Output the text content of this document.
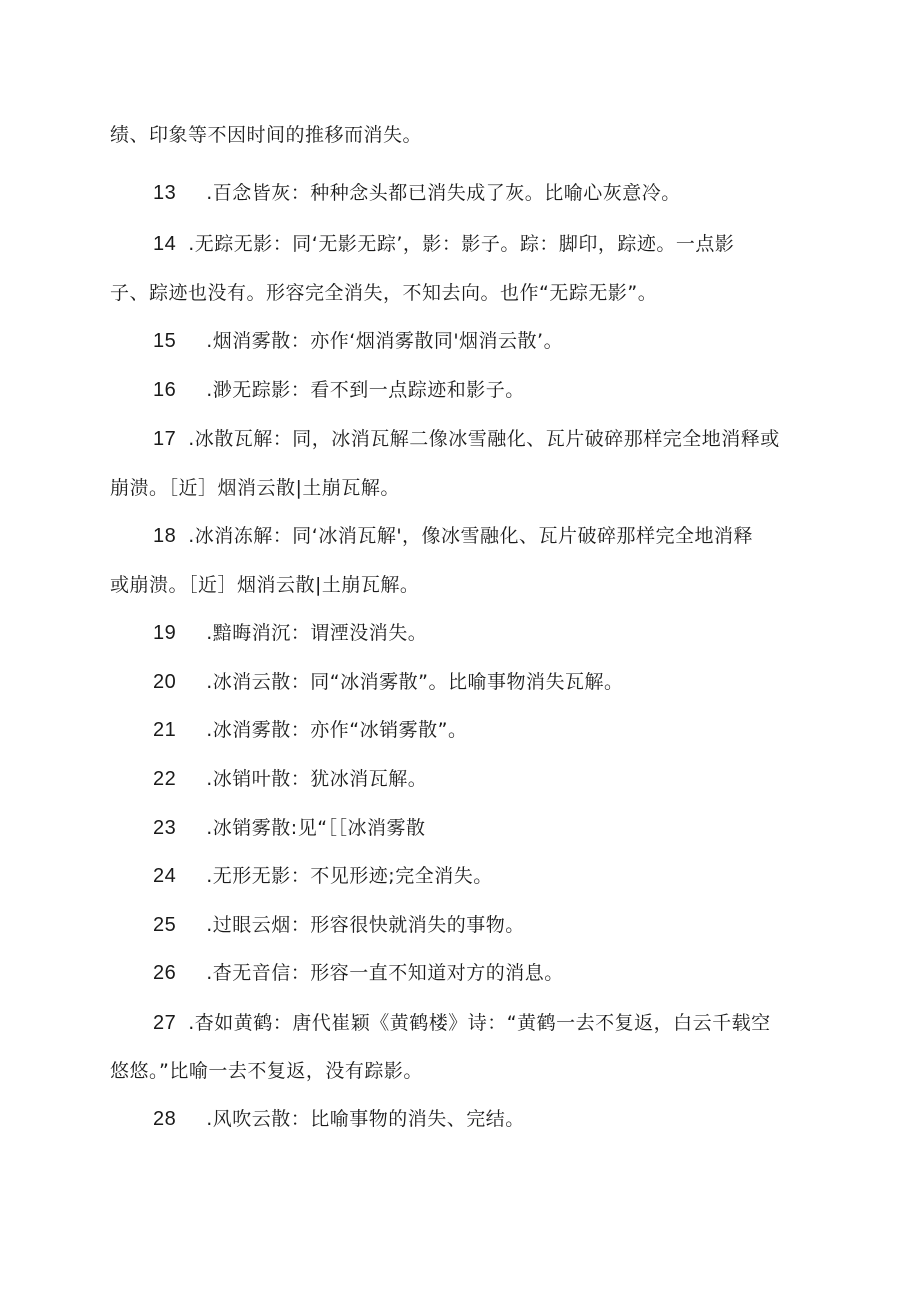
绩、印象等不因时间的推移而消失。
13 .百念皆灰：种种念头都已消失成了灰。比喻心灰意冷。
14 .无踪无影：同‘无影无踪’，影：影子。踪：脚印，踪迹。一点影
子、踪迹也没有。形容完全消失，不知去向。也作“无踪无影”。
15 .烟消雾散：亦作‘烟消雾散同'烟消云散’。
16 .渺无踪影：看不到一点踪迹和影子。
17 .冰散瓦解：同，冰消瓦解二像冰雪融化、瓦片破碎那样完全地消释或
崩溃。［近］烟消云散|土崩瓦解。
18 .冰消冻解：同‘冰消瓦解'，像冰雪融化、瓦片破碎那样完全地消释
或崩溃。［近］烟消云散|土崩瓦解。
19 .黯晦消沉：谓湮没消失。
20 .冰消云散：同“冰消雾散”。比喻事物消失瓦解。
21 .冰消雾散：亦作“冰销雾散”。
22 .冰销叶散：犹冰消瓦解。
23 .冰销雾散:见“［［冰消雾散
24 .无形无影：不见形迹;完全消失。
25 .过眼云烟：形容很快就消失的事物。
26 .杳无音信：形容一直不知道对方的消息。
27 .杳如黄鹤：唐代崔颖《黄鹤楼》诗：“黄鹤一去不复返，白云千载空
悠悠。”比喻一去不复返，没有踪影。
28 .风吹云散：比喻事物的消失、完结。
